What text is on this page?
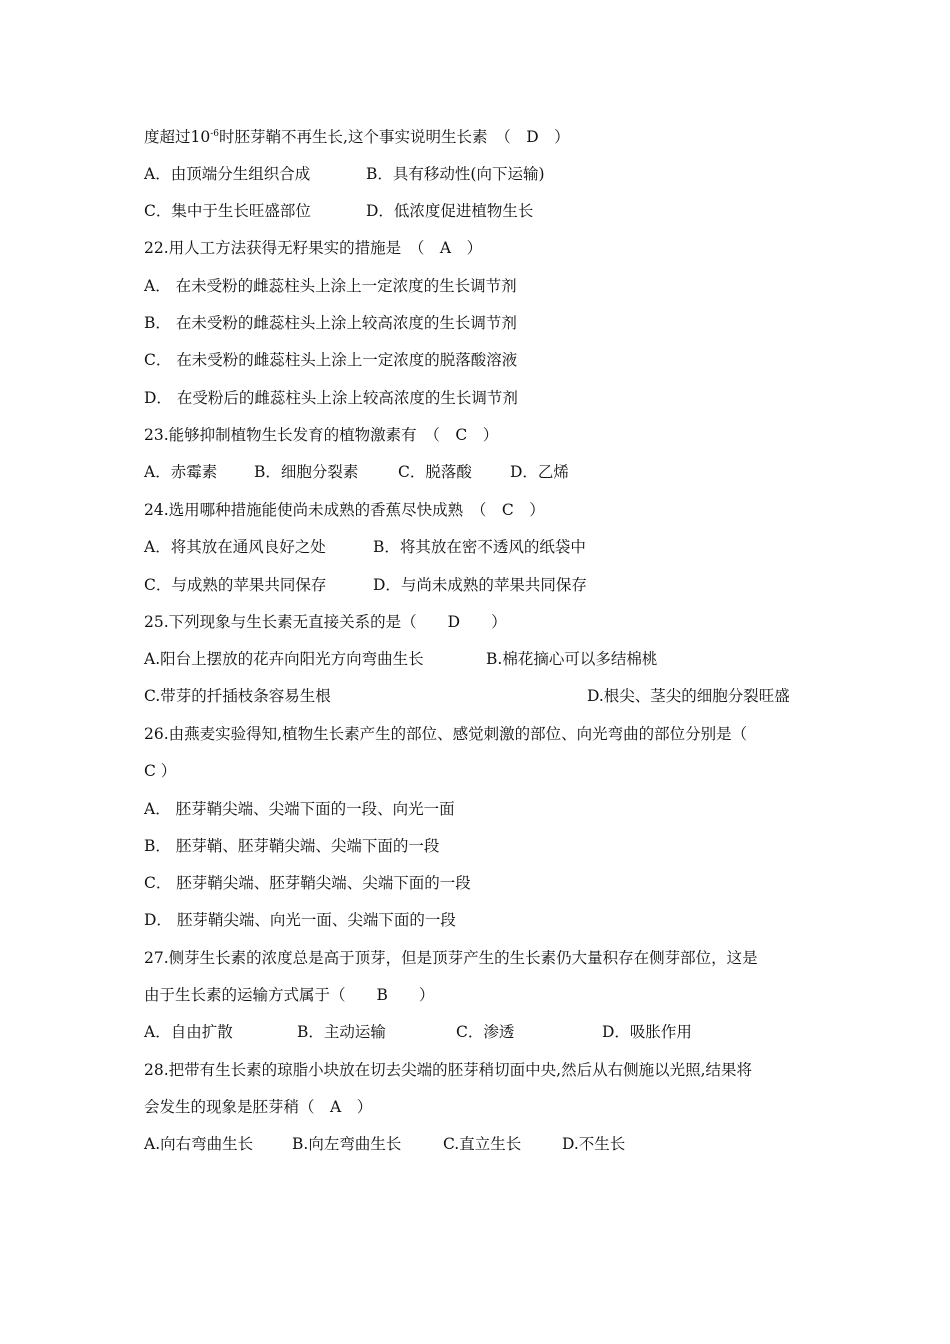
度超过$10^{-6}$时胚芽鞘不再生长,这个事实说明生长素　（　D　）
A．由顶端分生组织合成	B．具有移动性(向下运输)
C．集中于生长旺盛部位	D．低浓度促进植物生长
22.用人工方法获得无籽果实的措施是　（　A　）
A． 在未受粉的雌蕊柱头上涂上一定浓度的生长调节剂
B． 在未受粉的雌蕊柱头上涂上较高浓度的生长调节剂
C． 在未受粉的雌蕊柱头上涂上一定浓度的脱落酸溶液
D． 在受粉后的雌蕊柱头上涂上较高浓度的生长调节剂
23.能够抑制植物生长发育的植物激素有　（　C　）
A．赤霉素 B．细胞分裂素	C．脱落酸 D．乙烯
24.选用哪种措施能使尚未成熟的香蕉尽快成熟　（　C　）
A．将其放在通风良好之处	B．将其放在密不透风的纸袋中
C．与成熟的苹果共同保存	D．与尚未成熟的苹果共同保存
25.下列现象与生长素无直接关系的是（　　D　　）
A.阳台上摆放的花卉向阳光方向弯曲生长	B.棉花摘心可以多结棉桃
C.带芽的扦插枝条容易生根	D.根尖、茎尖的细胞分裂旺盛
26.由燕麦实验得知,植物生长素产生的部位、感觉刺激的部位、向光弯曲的部位分别是（
C ）
A． 胚芽鞘尖端、尖端下面的一段、向光一面
B． 胚芽鞘、胚芽鞘尖端、尖端下面的一段
C． 胚芽鞘尖端、胚芽鞘尖端、尖端下面的一段
D． 胚芽鞘尖端、向光一面、尖端下面的一段
27.侧芽生长素的浓度总是高于顶芽，但是顶芽产生的生长素仍大量积存在侧芽部位，这是
由于生长素的运输方式属于（　　B　　）
A．自由扩散	B．主动运输	C．渗透	D．吸胀作用
28.把带有生长素的琼脂小块放在切去尖端的胚芽稍切面中央,然后从右侧施以光照,结果将
会发生的现象是胚芽稍（　A　）
A.向右弯曲生长	B.向左弯曲生长	C.直立生长	D.不生长
